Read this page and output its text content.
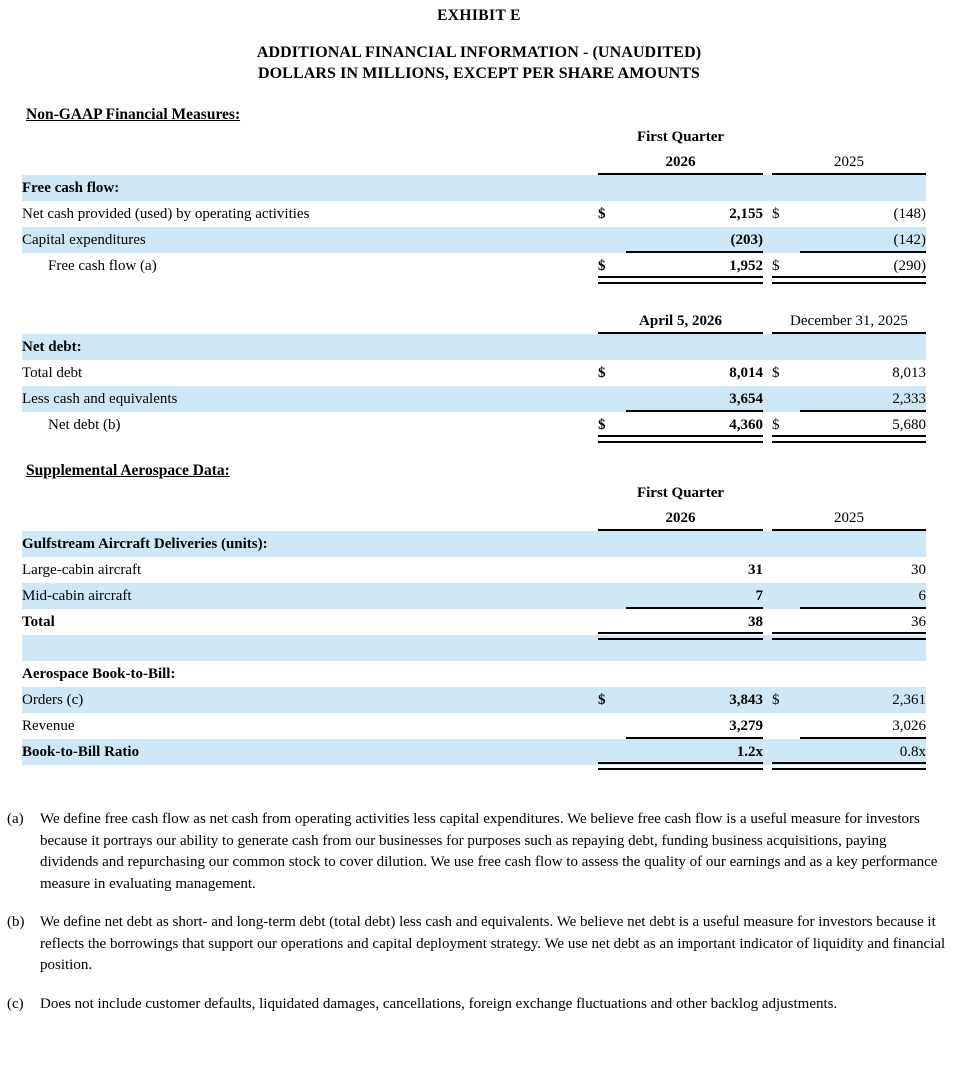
EXHIBIT E
ADDITIONAL FINANCIAL INFORMATION - (UNAUDITED)
DOLLARS IN MILLIONS, EXCEPT PER SHARE AMOUNTS
Non-GAAP Financial Measures:
	First Quarter				
	2026			2025	
Free cash flow:					
Net cash provided (used) by operating activities	$	2,155		$	(148)
Capital expenditures		(203)			(142)
Free cash flow (a)	$	1,952		$	(290)

	April 5, 2026			December 31, 2025	
Net debt:					
Total debt	$	8,014		$	8,013
Less cash and equivalents		3,654			2,333
Net debt (b)	$	4,360		$	5,680
Supplemental Aerospace Data:
	First Quarter				
	2026			2025	
Gulfstream Aircraft Deliveries (units):					
Large-cabin aircraft		31			30
Mid-cabin aircraft		7			6
Total		38			36

Aerospace Book-to-Bill:					
Orders (c)	$	3,843		$	2,361
Revenue		3,279			3,026
Book-to-Bill Ratio		1.2x			0.8x
(a)	We define free cash flow as net cash from operating activities less capital expenditures. We believe free cash flow is a useful measure for investors because it portrays our ability to generate cash from our businesses for purposes such as repaying debt, funding business acquisitions, paying dividends and repurchasing our common stock to cover dilution. We use free cash flow to assess the quality of our earnings and as a key performance measure in evaluating management.
(b)	We define net debt as short- and long-term debt (total debt) less cash and equivalents. We believe net debt is a useful measure for investors because it reflects the borrowings that support our operations and capital deployment strategy. We use net debt as an important indicator of liquidity and financial position.
(c)	Does not include customer defaults, liquidated damages, cancellations, foreign exchange fluctuations and other backlog adjustments.
